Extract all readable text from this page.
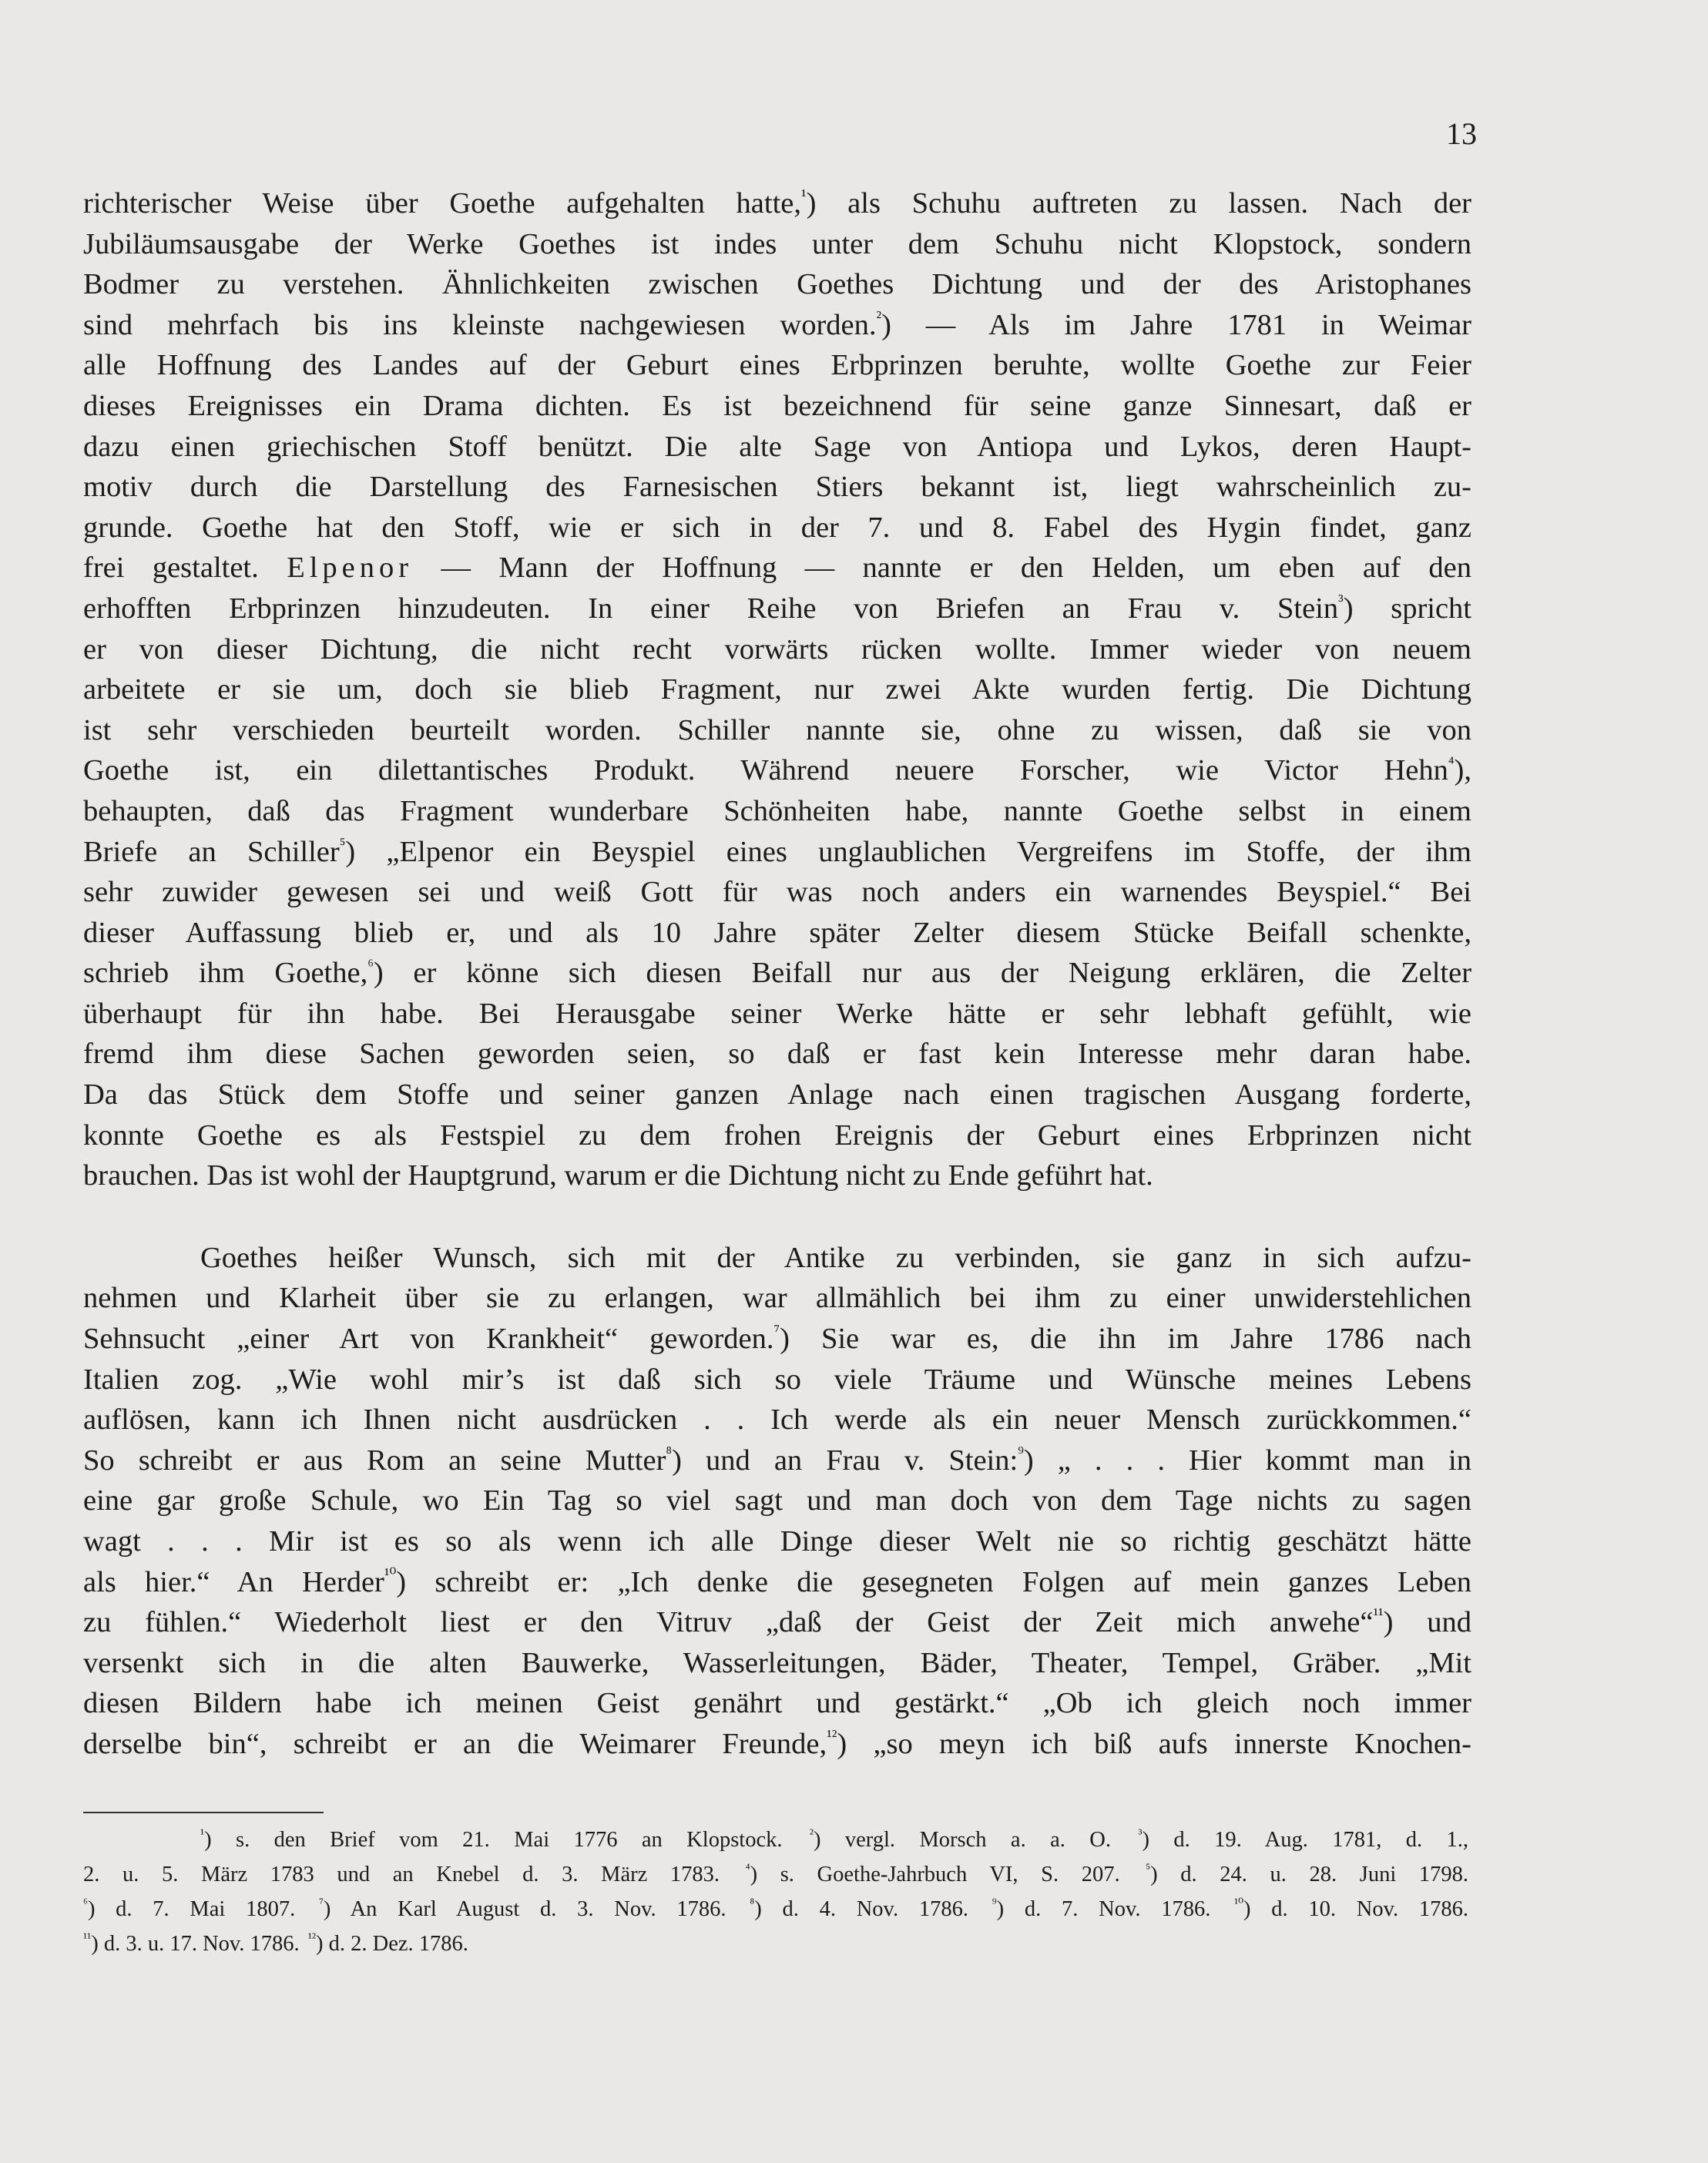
13
richterischer Weise über Goethe aufgehalten hatte,$^{^1}$) als Schuhu auftreten zu lassen. Nach der
Jubiläumsausgabe der Werke Goethes ist indes unter dem Schuhu nicht Klopstock, sondern
Bodmer zu verstehen. Ähnlichkeiten zwischen Goethes Dichtung und der des Aristophanes
sind mehrfach bis ins kleinste nachgewiesen worden.$^{^2}$) — Als im Jahre 1781 in Weimar
alle Hoffnung des Landes auf der Geburt eines Erbprinzen beruhte, wollte Goethe zur Feier
dieses Ereignisses ein Drama dichten. Es ist bezeichnend für seine ganze Sinnesart, daß er
dazu einen griechischen Stoff benützt. Die alte Sage von Antiopa und Lykos, deren Haupt-
motiv durch die Darstellung des Farnesischen Stiers bekannt ist, liegt wahrscheinlich zu-
grunde. Goethe hat den Stoff, wie er sich in der 7. und 8. Fabel des Hygin findet, ganz
frei gestaltet. Elpenor — Mann der Hoffnung — nannte er den Helden, um eben auf den
erhofften Erbprinzen hinzudeuten. In einer Reihe von Briefen an Frau v. Stein$^{^3}$) spricht
er von dieser Dichtung, die nicht recht vorwärts rücken wollte. Immer wieder von neuem
arbeitete er sie um, doch sie blieb Fragment, nur zwei Akte wurden fertig. Die Dichtung
ist sehr verschieden beurteilt worden. Schiller nannte sie, ohne zu wissen, daß sie von
Goethe ist, ein dilettantisches Produkt. Während neuere Forscher, wie Victor Hehn$^{^4}$),
behaupten, daß das Fragment wunderbare Schönheiten habe, nannte Goethe selbst in einem
Briefe an Schiller$^{^5}$) „Elpenor ein Beyspiel eines unglaublichen Vergreifens im Stoffe, der ihm
sehr zuwider gewesen sei und weiß Gott für was noch anders ein warnendes Beyspiel.“ Bei
dieser Auffassung blieb er, und als 10 Jahre später Zelter diesem Stücke Beifall schenkte,
schrieb ihm Goethe,$^{^6}$) er könne sich diesen Beifall nur aus der Neigung erklären, die Zelter
überhaupt für ihn habe. Bei Herausgabe seiner Werke hätte er sehr lebhaft gefühlt, wie
fremd ihm diese Sachen geworden seien, so daß er fast kein Interesse mehr daran habe.
Da das Stück dem Stoffe und seiner ganzen Anlage nach einen tragischen Ausgang forderte,
konnte Goethe es als Festspiel zu dem frohen Ereignis der Geburt eines Erbprinzen nicht
brauchen. Das ist wohl der Hauptgrund, warum er die Dichtung nicht zu Ende geführt hat.
Goethes heißer Wunsch, sich mit der Antike zu verbinden, sie ganz in sich aufzu-
nehmen und Klarheit über sie zu erlangen, war allmählich bei ihm zu einer unwiderstehlichen
Sehnsucht „einer Art von Krankheit“ geworden.$^{^7}$) Sie war es, die ihn im Jahre 1786 nach
Italien zog. „Wie wohl mir’s ist daß sich so viele Träume und Wünsche meines Lebens
auflösen, kann ich Ihnen nicht ausdrücken . . Ich werde als ein neuer Mensch zurückkommen.“
So schreibt er aus Rom an seine Mutter$^{^8}$) und an Frau v. Stein:$^{^9}$) „ . . . Hier kommt man in
eine gar große Schule, wo Ein Tag so viel sagt und man doch von dem Tage nichts zu sagen
wagt . . . Mir ist es so als wenn ich alle Dinge dieser Welt nie so richtig geschätzt hätte
als hier.“ An Herder$^{^{10}}$) schreibt er: „Ich denke die gesegneten Folgen auf mein ganzes Leben
zu fühlen.“ Wiederholt liest er den Vitruv „daß der Geist der Zeit mich anwehe“$^{^{11}}$) und
versenkt sich in die alten Bauwerke, Wasserleitungen, Bäder, Theater, Tempel, Gräber. „Mit
diesen Bildern habe ich meinen Geist genährt und gestärkt.“ „Ob ich gleich noch immer
derselbe bin“, schreibt er an die Weimarer Freunde,$^{^{12}}$) „so meyn ich biß aufs innerste Knochen-
$^{^1}$) s. den Brief vom 21. Mai 1776 an Klopstock. $^{^2}$) vergl. Morsch a. a. O. $^{^3}$) d. 19. Aug. 1781, d. 1.,
2. u. 5. März 1783 und an Knebel d. 3. März 1783. $^{^4}$) s. Goethe-Jahrbuch VI, S. 207. $^{^5}$) d. 24. u. 28. Juni 1798.
$^{^6}$) d. 7. Mai 1807. $^{^7}$) An Karl August d. 3. Nov. 1786. $^{^8}$) d. 4. Nov. 1786. $^{^9}$) d. 7. Nov. 1786. $^{^{10}}$) d. 10. Nov. 1786.
$^{^{11}}$) d. 3. u. 17. Nov. 1786. $^{^{12}}$) d. 2. Dez. 1786.
